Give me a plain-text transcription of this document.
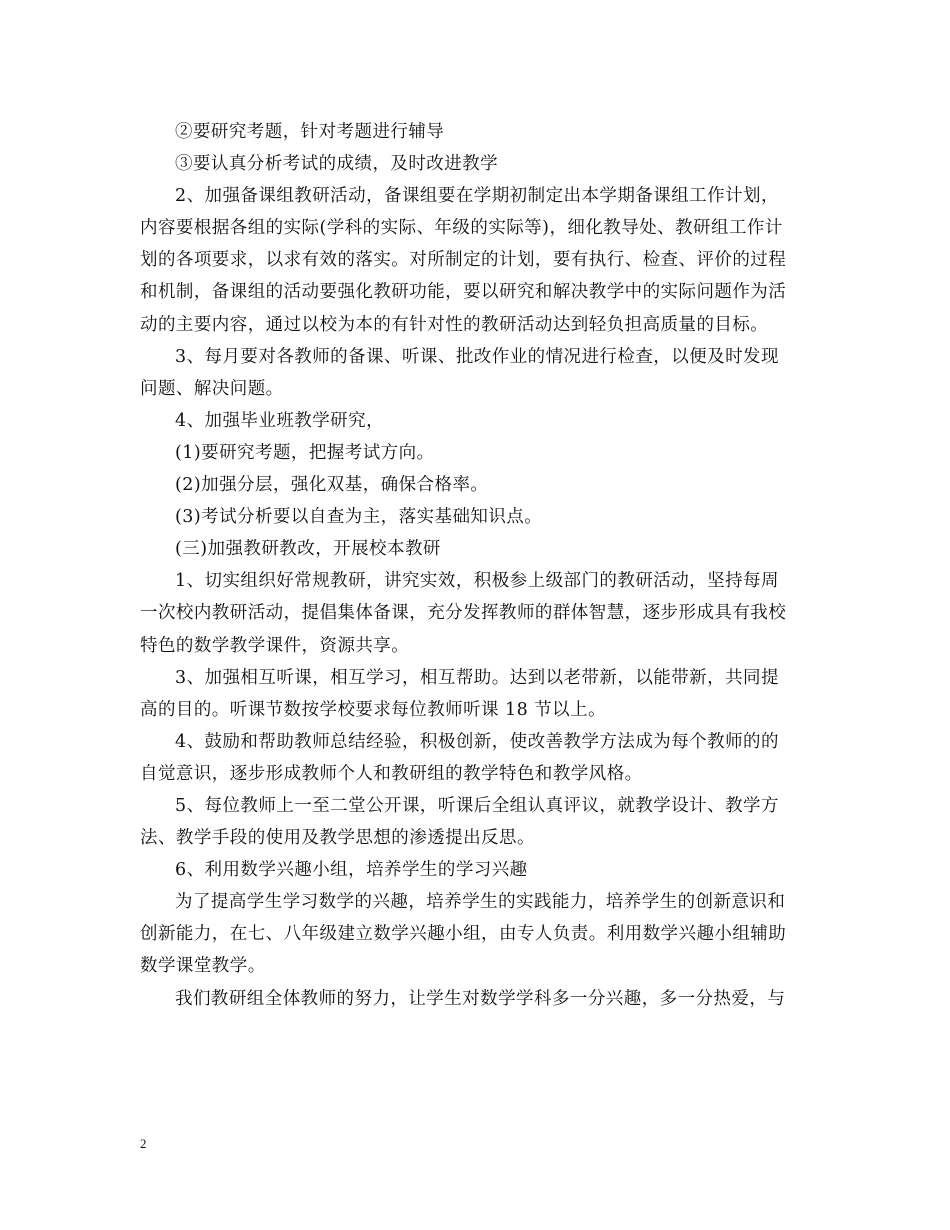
②要研究考题，针对考题进行辅导
③要认真分析考试的成绩，及时改进教学
2、加强备课组教研活动，备课组要在学期初制定出本学期备课组工作计划，
内容要根据各组的实际(学科的实际、年级的实际等)，细化教导处、教研组工作计
划的各项要求，以求有效的落实。对所制定的计划，要有执行、检查、评价的过程
和机制，备课组的活动要强化教研功能，要以研究和解决教学中的实际问题作为活
动的主要内容，通过以校为本的有针对性的教研活动达到轻负担高质量的目标。
3、每月要对各教师的备课、听课、批改作业的情况进行检查，以便及时发现
问题、解决问题。
4、加强毕业班教学研究，
(1)要研究考题，把握考试方向。
(2)加强分层，强化双基，确保合格率。
(3)考试分析要以自查为主，落实基础知识点。
(三)加强教研教改，开展校本教研
1、切实组织好常规教研，讲究实效，积极参上级部门的教研活动，坚持每周
一次校内教研活动，提倡集体备课，充分发挥教师的群体智慧，逐步形成具有我校
特色的数学教学课件，资源共享。
3、加强相互听课，相互学习，相互帮助。达到以老带新，以能带新，共同提
高的目的。听课节数按学校要求每位教师听课 18 节以上。
4、鼓励和帮助教师总结经验，积极创新，使改善教学方法成为每个教师的的
自觉意识，逐步形成教师个人和教研组的教学特色和教学风格。
5、每位教师上一至二堂公开课，听课后全组认真评议，就教学设计、教学方
法、教学手段的使用及教学思想的渗透提出反思。
6、利用数学兴趣小组，培养学生的学习兴趣
为了提高学生学习数学的兴趣，培养学生的实践能力，培养学生的创新意识和
创新能力，在七、八年级建立数学兴趣小组，由专人负责。利用数学兴趣小组辅助
数学课堂教学。
我们教研组全体教师的努力，让学生对数学学科多一分兴趣，多一分热爱，与
2
